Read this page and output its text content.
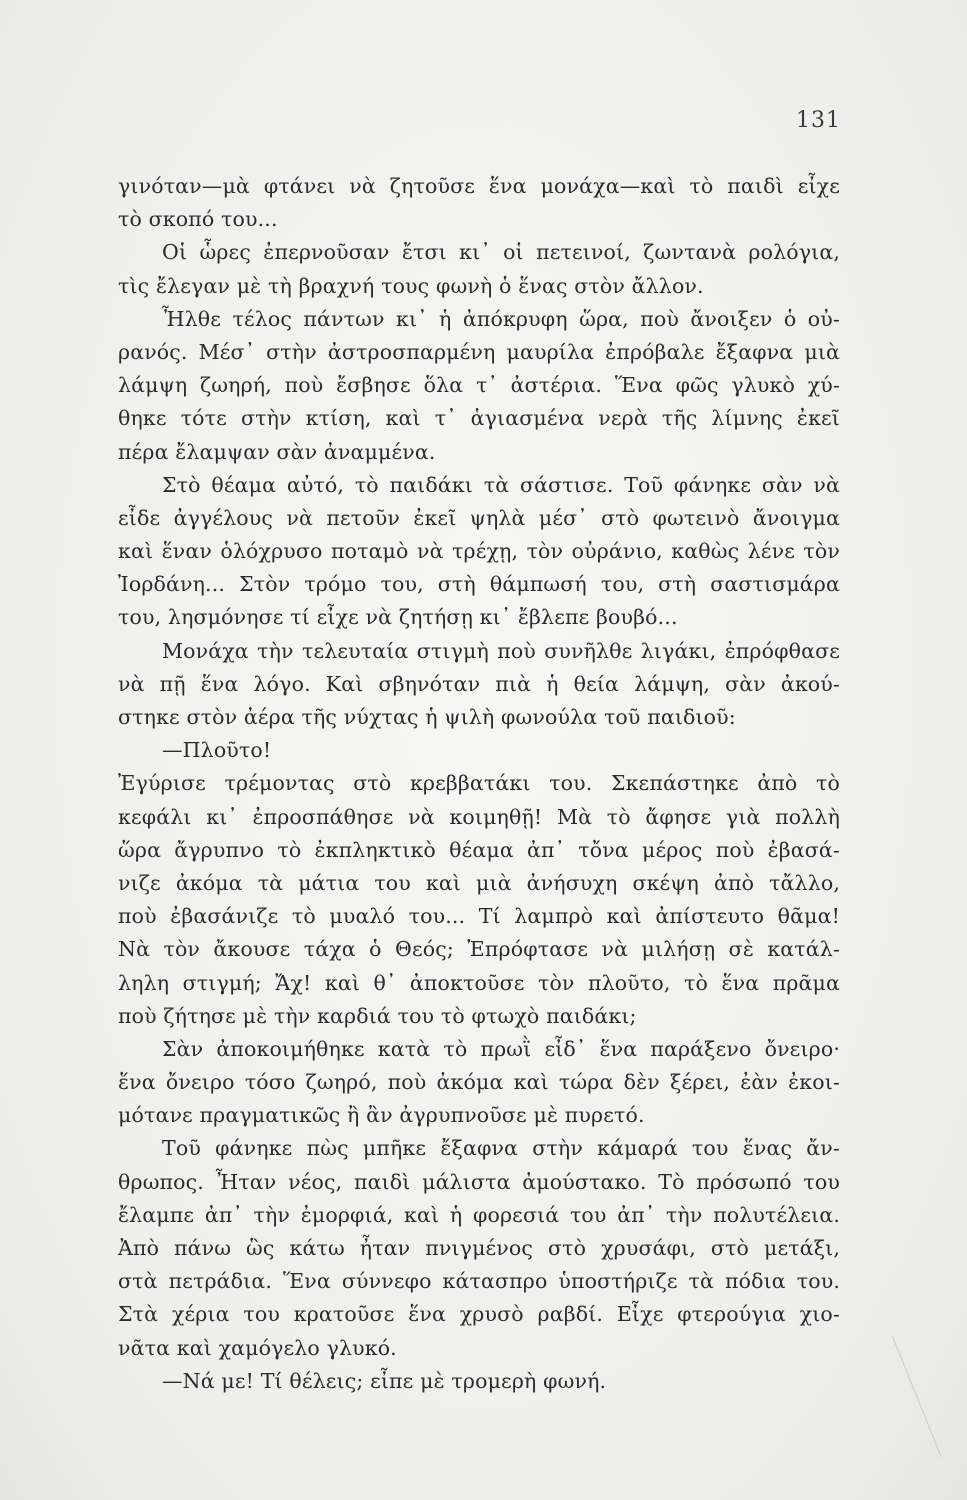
131
γινόταν—μὰ φτάνει νὰ ζητοῦσε ἕνα μονάχα—καὶ τὸ παιδὶ εἶχε
τὸ σκοπό του...
Οἱ ὧρες ἐπερνοῦσαν ἔτσι κι᾿ οἱ πετεινοί, ζωντανὰ ρολόγια,
τὶς ἔλεγαν μὲ τὴ βραχνή τους φωνὴ ὁ ἕνας στὸν ἄλλον.
Ἦλθε τέλος πάντων κι᾿ ἡ ἀπόκρυφη ὥρα, ποὺ ἄνοιξεν ὁ οὐ-
ρανός. Μέσ᾿ στὴν ἀστροσπαρμένη μαυρίλα ἐπρόβαλε ἔξαφνα μιὰ
λάμψη ζωηρή, ποὺ ἔσβησε ὅλα τ᾿ ἀστέρια. Ἕνα φῶς γλυκὸ χύ-
θηκε τότε στὴν κτίση, καὶ τ᾿ ἁγιασμένα νερὰ τῆς λίμνης ἐκεῖ
πέρα ἔλαμψαν σὰν ἀναμμένα.
Στὸ θέαμα αὐτό, τὸ παιδάκι τὰ σάστισε. Τοῦ φάνηκε σὰν νὰ
εἶδε ἀγγέλους νὰ πετοῦν ἐκεῖ ψηλὰ μέσ᾿ στὸ φωτεινὸ ἄνοιγμα
καὶ ἕναν ὁλόχρυσο ποταμὸ νὰ τρέχῃ, τὸν οὐράνιο, καθὼς λένε τὸν
Ἰορδάνη... Στὸν τρόμο του, στὴ θάμπωσή του, στὴ σαστισμάρα
του, λησμόνησε τί εἶχε νὰ ζητήσῃ κι᾿ ἔβλεπε βουβό...
Μονάχα τὴν τελευταία στιγμὴ ποὺ συνῆλθε λιγάκι, ἐπρόφθασε
νὰ πῇ ἕνα λόγο. Καὶ σβηνόταν πιὰ ἡ θεία λάμψη, σὰν ἀκού-
στηκε στὸν ἀέρα τῆς νύχτας ἡ ψιλὴ φωνούλα τοῦ παιδιοῦ:
—Πλοῦτο!
Ἐγύρισε τρέμοντας στὸ κρεββατάκι του. Σκεπάστηκε ἀπὸ τὸ
κεφάλι κι᾿ ἐπροσπάθησε νὰ κοιμηθῇ! Μὰ τὸ ἄφησε γιὰ πολλὴ
ὥρα ἄγρυπνο τὸ ἐκπληκτικὸ θέαμα ἀπ᾿ τὄνα μέρος ποὺ ἐβασά-
νιζε ἀκόμα τὰ μάτια του καὶ μιὰ ἀνήσυχη σκέψη ἀπὸ τἄλλο,
ποὺ ἐβασάνιζε τὸ μυαλό του... Τί λαμπρὸ καὶ ἀπίστευτο θᾶμα!
Νὰ τὸν ἄκουσε τάχα ὁ Θεός; Ἐπρόφτασε νὰ μιλήσῃ σὲ κατάλ-
ληλη στιγμή; Ἄχ! καὶ θ᾿ ἀποκτοῦσε τὸν πλοῦτο, τὸ ἕνα πρᾶμα
ποὺ ζήτησε μὲ τὴν καρδιά του τὸ φτωχὸ παιδάκι;
Σὰν ἀποκοιμήθηκε κατὰ τὸ πρωῒ εἶδ᾿ ἕνα παράξενο ὄνειρο·
ἕνα ὄνειρο τόσο ζωηρό, ποὺ ἀκόμα καὶ τώρα δὲν ξέρει, ἐὰν ἐκοι-
μότανε πραγματικῶς ἢ ἂν ἀγρυπνοῦσε μὲ πυρετό.
Τοῦ φάνηκε πὼς μπῆκε ἔξαφνα στὴν κάμαρά του ἕνας ἄν-
θρωπος. Ἦταν νέος, παιδὶ μάλιστα ἀμούστακο. Τὸ πρόσωπό του
ἔλαμπε ἀπ᾿ τὴν ἐμορφιά, καὶ ἡ φορεσιά του ἀπ᾿ τὴν πολυτέλεια.
Ἀπὸ πάνω ὣς κάτω ἦταν πνιγμένος στὸ χρυσάφι, στὸ μετάξι,
στὰ πετράδια. Ἕνα σύννεφο κάτασπρο ὑποστήριζε τὰ πόδια του.
Στὰ χέρια του κρατοῦσε ἕνα χρυσὸ ραβδί. Εἶχε φτερούγια χιο-
νᾶτα καὶ χαμόγελο γλυκό.
—Νά με! Τί θέλεις; εἶπε μὲ τρομερὴ φωνή.
